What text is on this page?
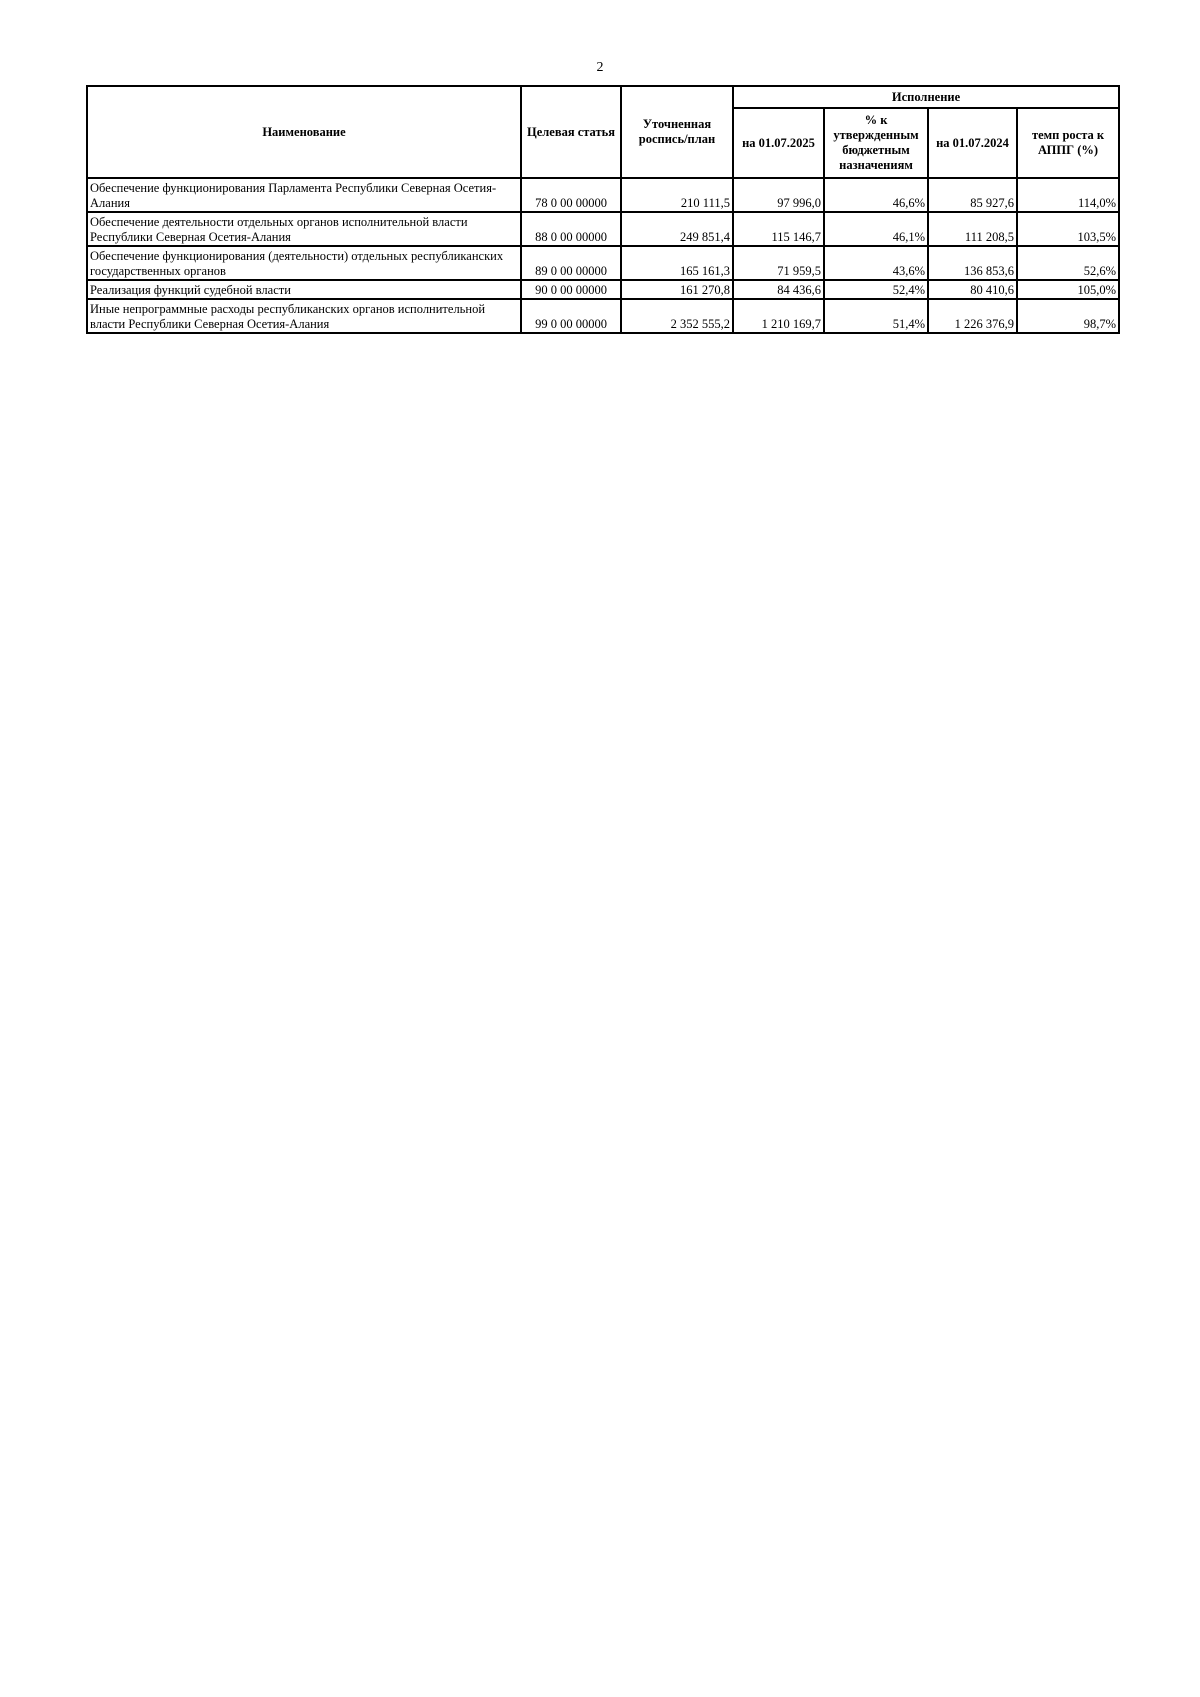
2
Наименование	Целевая статья	Уточненная роспись/план	Исполнение			
			на 01.07.2025	% к утвержденным бюджетным назначениям	на 01.07.2024	темп роста к АППГ (%)
Обеспечение функционирования Парламента Республики Северная Осетия-Алания	78 0 00 00000	210 111,5	97 996,0	46,6%	85 927,6	114,0%
Обеспечение деятельности отдельных органов исполнительной власти Республики Северная Осетия-Алания	88 0 00 00000	249 851,4	115 146,7	46,1%	111 208,5	103,5%
Обеспечение функционирования (деятельности) отдельных республиканских государственных органов	89 0 00 00000	165 161,3	71 959,5	43,6%	136 853,6	52,6%
Реализация функций судебной власти	90 0 00 00000	161 270,8	84 436,6	52,4%	80 410,6	105,0%
Иные непрограммные расходы республиканских органов исполнительной власти Республики Северная Осетия-Алания	99 0 00 00000	2 352 555,2	1 210 169,7	51,4%	1 226 376,9	98,7%
